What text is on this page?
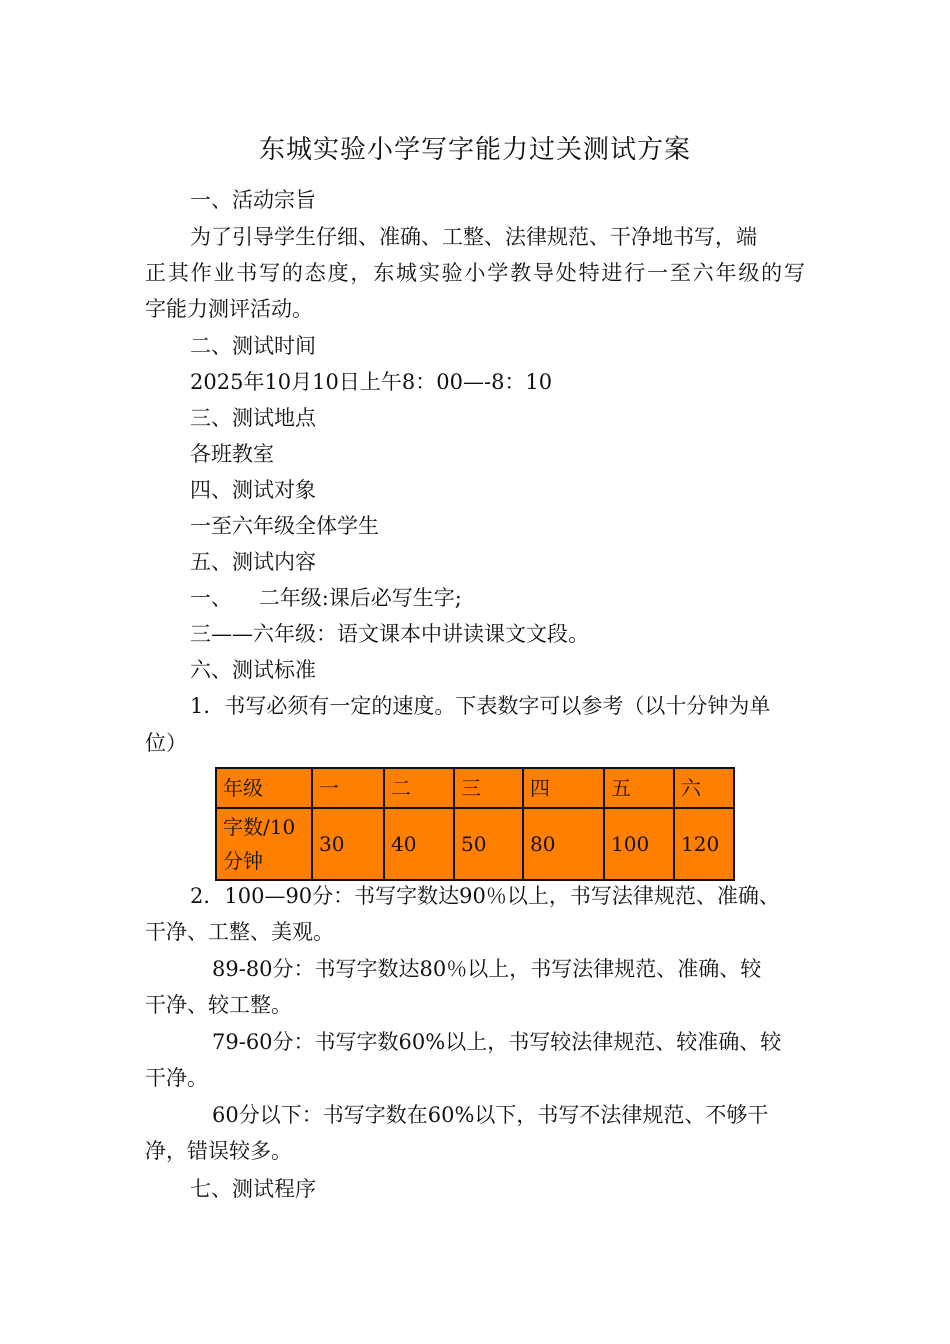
东城实验小学写字能力过关测试方案
一、活动宗旨
为了引导学生仔细、准确、工整、法律规范、干净地书写，端
正其作业书写的态度，东城实验小学教导处特进行一至六年级的写
字能力测评活动。
二、测试时间
2025年10月10日上午8：00—-8：10
三、测试地点
各班教室
四、测试对象
一至六年级全体学生
五、测试内容
一、    二年级:课后必写生字;
三——六年级：语文课本中讲读课文文段。
六、测试标准
1．书写必须有一定的速度。下表数字可以参考（以十分钟为单
位）
年级	一	二	三	四	五	六
字数/10分钟	30	40	50	80	100	120
2．100—90分：书写字数达90％以上，书写法律规范、准确、
干净、工整、美观。
89-80分：书写字数达80％以上，书写法律规范、准确、较
干净、较工整。
79-60分：书写字数60%以上，书写较法律规范、较准确、较
干净。
60分以下：书写字数在60%以下，书写不法律规范、不够干
净，错误较多。
七、测试程序
